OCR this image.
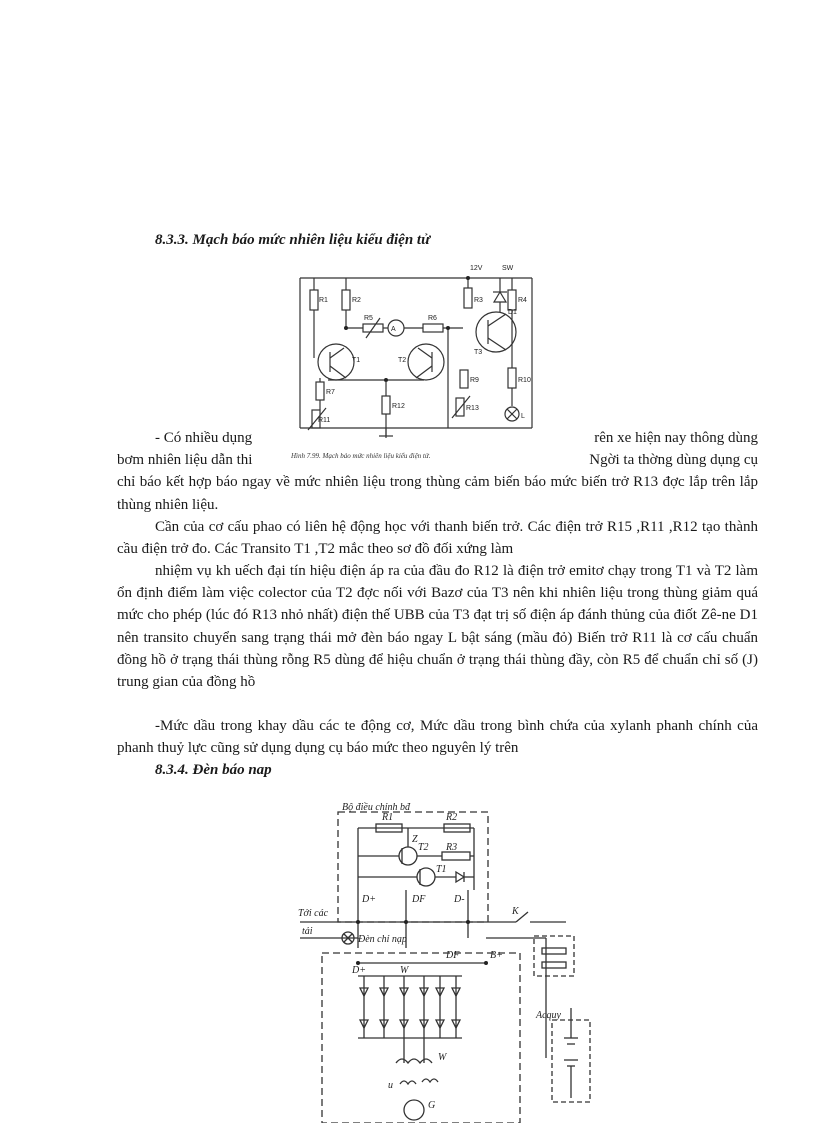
8.3.3. Mạch báo mức nhiên liệu kiểu điện tử
12V	SW
R1	R2	R3	R4
R5
A
R6
T1	T2
T3
D1
R7
R11
R12
R9
R13
R10
L
Hình 7.99. Mạch báo mức nhiên liệu kiểu điện tử.
- Có nhiều dụng	rên xe hiện nay thông dùng
bơm nhiên liệu dẫn thi	Ngời ta thờng dùng dụng cụ
chỉ báo kết hợp báo ngay về mức nhiên liệu trong thùng cảm biến báo mức biến trở R13 đợc lắp trên lắp thùng nhiên liệu.
Cần của cơ cấu phao có liên hệ động học với thanh biến trở. Các điện trở R15 ,R11 ,R12 tạo thành cầu điện trở đo. Các Transito T1 ,T2 mắc theo sơ đồ đối xứng làm
nhiệm vụ kh uếch đại tín hiệu điện áp ra của đầu đo R12 là điện trở emitơ chạy trong T1 và T2 làm ổn định điểm làm việc colector của T2 đợc nối với Bazơ của T3 nên khi nhiên liệu trong thùng giảm quá mức cho phép (lúc đó R13 nhỏ nhất) điện thế UBB của T3 đạt trị số điện áp đánh thủng của điốt Zê-ne D1 nên transito chuyển sang trạng thái mở đèn báo ngay L bật sáng (mầu đỏ) Biến trở R11 là cơ cấu chuẩn đồng hồ ở trạng thái thùng rỗng R5 dùng để hiệu chuẩn ở trạng thái thùng đầy, còn R5 để chuẩn chỉ số (J) trung gian của đồng hồ
-Mức dầu trong khay dầu các te động cơ, Mức dầu trong bình chứa của xylanh phanh chính của phanh thuỷ lực cũng sử dụng dụng cụ báo mức theo nguyên lý trên
8.3.4. Đèn báo nap
Bộ điều chỉnh bđ
R1	R2
R3
T2
T1
Z
D+	DF	D-
Tới các
tải
Đèn chỉ nạp
K
D+	W
DF	B+
Acquy
W
u
G
